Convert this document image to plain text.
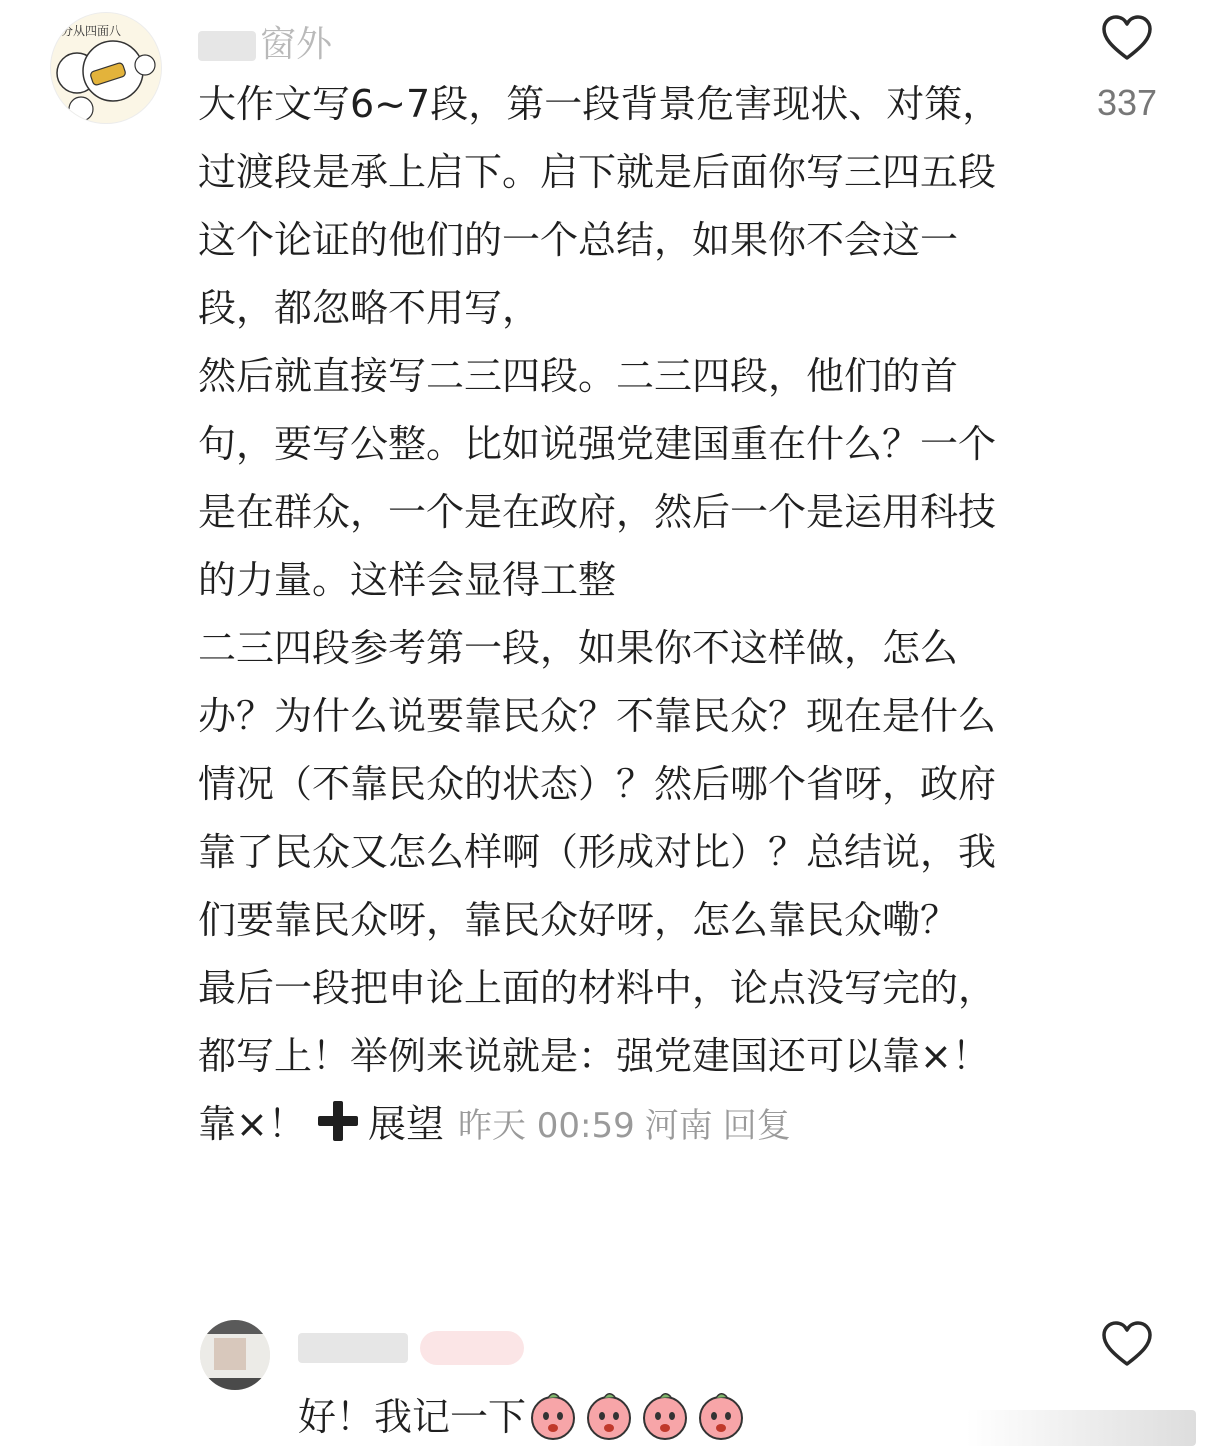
分从四面八	窗外

大作文写6~7段，第一段背景危害现状、对策，

过渡段是承上启下。启下就是后面你写三四五段这个论证的他们的一个总结，如果你不会这一段，都忽略不用写，

然后就直接写二三四段。二三四段，他们的首句，要写公整。比如说强党建国重在什么？一个是在群众，一个是在政府，然后一个是运用科技的力量。这样会显得工整

二三四段参考第一段，如果你不这样做，怎么办？为什么说要靠民众？不靠民众？现在是什么情况（不靠民众的状态）？然后哪个省呀，政府靠了民众又怎么样啊（形成对比）？总结说，我们要靠民众呀，靠民众好呀，怎么靠民众嘞？

最后一段把申论上面的材料中，论点没写完的，都写上！举例来说就是：强党建国还可以靠×！靠×！ 展望 昨天 00:59 河南 回复

337
好！我记一下
